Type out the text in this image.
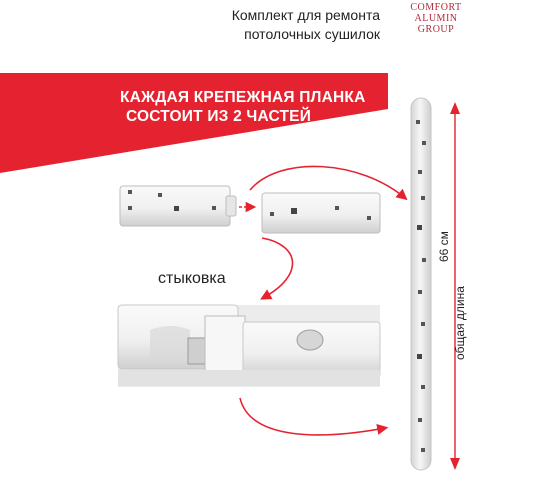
Комплект для ремонта
потолочных сушилок
COMFORT
ALUMIN
GROUP
КАЖДАЯ КРЕПЕЖНАЯ ПЛАНКА
СОСТОИТ ИЗ 2 ЧАСТЕЙ
стыковка
66 см
общая длина
